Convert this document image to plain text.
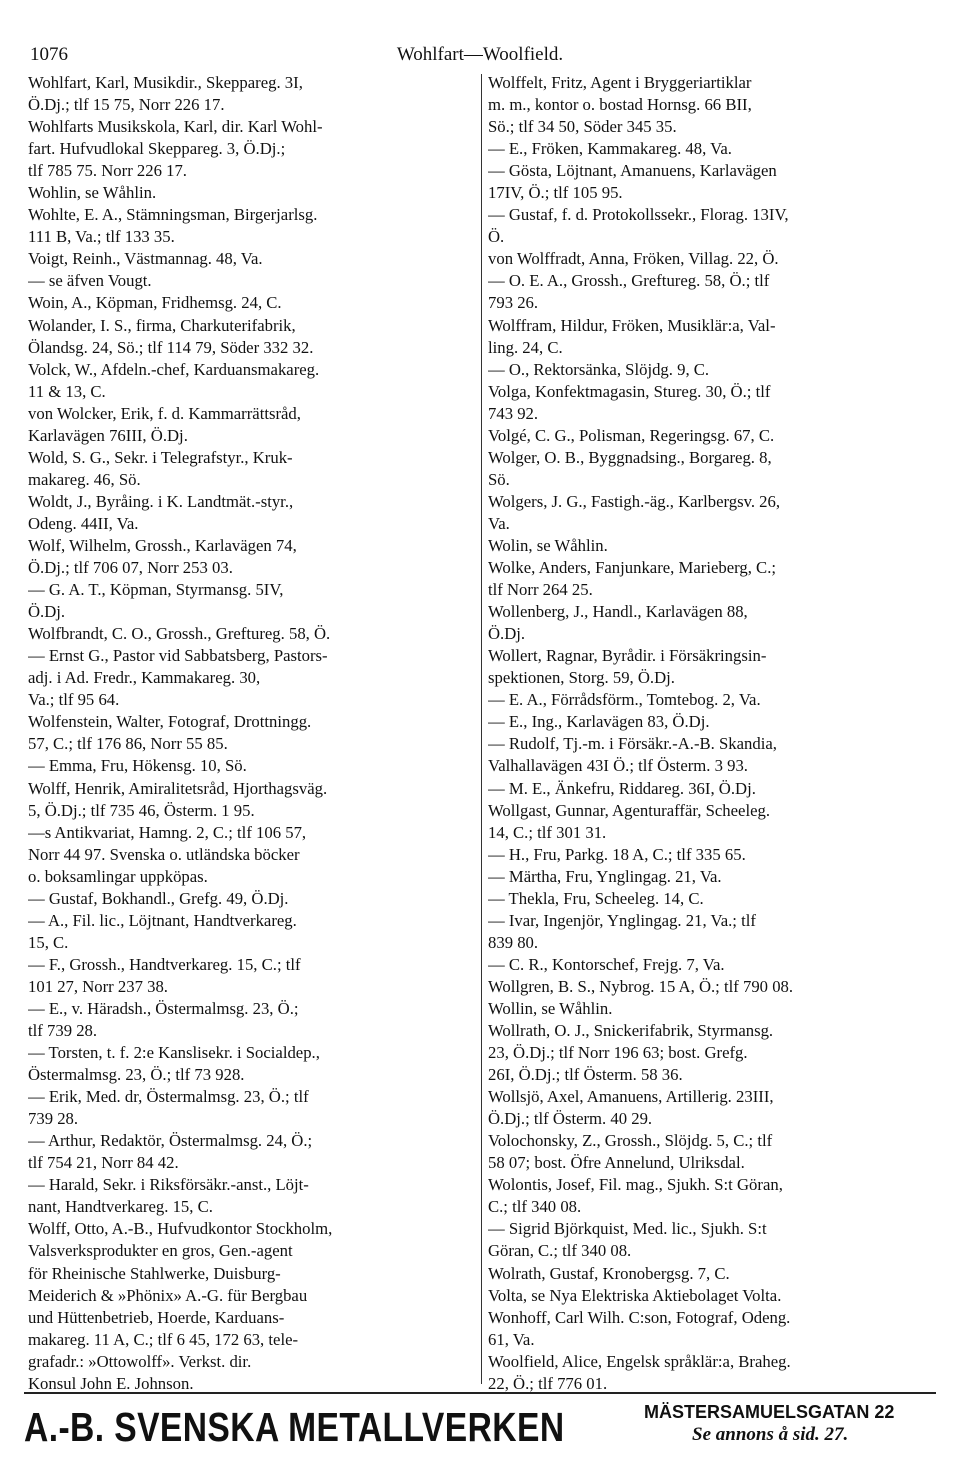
1076	Wohlfart—Woolfield.
Wohlfart, Karl, Musikdir., Skeppareg. 3I,
Ö.Dj.; tlf 15 75, Norr 226 17.
Wohlfarts Musikskola, Karl, dir. Karl Wohl-
fart. Hufvudlokal Skeppareg. 3, Ö.Dj.;
tlf 785 75. Norr 226 17.
Wohlin, se Wåhlin.
Wohlte, E. A., Stämningsman, Birgerjarlsg.
111 B, Va.; tlf 133 35.
Voigt, Reinh., Västmannag. 48, Va.
— se äfven Vougt.
Woin, A., Köpman, Fridhemsg. 24, C.
Wolander, I. S., firma, Charkuterifabrik,
Ölandsg. 24, Sö.; tlf 114 79, Söder 332 32.
Volck, W., Afdeln.-chef, Karduansmakareg.
11 & 13, C.
von Wolcker, Erik, f. d. Kammarrättsråd,
Karlavägen 76III, Ö.Dj.
Wold, S. G., Sekr. i Telegrafstyr., Kruk-
makareg. 46, Sö.
Woldt, J., Byråing. i K. Landtmät.-styr.,
Odeng. 44II, Va.
Wolf, Wilhelm, Grossh., Karlavägen 74,
Ö.Dj.; tlf 706 07, Norr 253 03.
— G. A. T., Köpman, Styrmansg. 5IV,
Ö.Dj.
Wolfbrandt, C. O., Grossh., Greftureg. 58, Ö.
— Ernst G., Pastor vid Sabbatsberg, Pastors-
adj. i Ad. Fredr., Kammakareg. 30,
Va.; tlf 95 64.
Wolfenstein, Walter, Fotograf, Drottningg.
57, C.; tlf 176 86, Norr 55 85.
— Emma, Fru, Hökensg. 10, Sö.
Wolff, Henrik, Amiralitetsråd, Hjorthagsväg.
5, Ö.Dj.; tlf 735 46, Österm. 1 95.
—s Antikvariat, Hamng. 2, C.; tlf 106 57,
Norr 44 97. Svenska o. utländska böcker
o. boksamlingar uppköpas.
— Gustaf, Bokhandl., Grefg. 49, Ö.Dj.
— A., Fil. lic., Löjtnant, Handtverkareg.
15, C.
— F., Grossh., Handtverkareg. 15, C.; tlf
101 27, Norr 237 38.
— E., v. Häradsh., Östermalmsg. 23, Ö.;
tlf 739 28.
— Torsten, t. f. 2:e Kanslisekr. i Socialdep.,
Östermalmsg. 23, Ö.; tlf 73 928.
— Erik, Med. dr, Östermalmsg. 23, Ö.; tlf
739 28.
— Arthur, Redaktör, Östermalmsg. 24, Ö.;
tlf 754 21, Norr 84 42.
— Harald, Sekr. i Riksförsäkr.-anst., Löjt-
nant, Handtverkareg. 15, C.
Wolff, Otto, A.-B., Hufvudkontor Stockholm,
Valsverksprodukter en gros, Gen.-agent
för Rheinische Stahlwerke, Duisburg-
Meiderich & »Phönix» A.-G. für Bergbau
und Hüttenbetrieb, Hoerde, Karduans-
makareg. 11 A, C.; tlf 6 45, 172 63, tele-
grafadr.: »Ottowolff». Verkst. dir.
Konsul John E. Johnson.
Wolffelt, Fritz, Agent i Bryggeriartiklar
m. m., kontor o. bostad Hornsg. 66 BII,
Sö.; tlf 34 50, Söder 345 35.
— E., Fröken, Kammakareg. 48, Va.
— Gösta, Löjtnant, Amanuens, Karlavägen
17IV, Ö.; tlf 105 95.
— Gustaf, f. d. Protokollssekr., Florag. 13IV,
Ö.
von Wolffradt, Anna, Fröken, Villag. 22, Ö.
— O. E. A., Grossh., Greftureg. 58, Ö.; tlf
793 26.
Wolffram, Hildur, Fröken, Musiklär:a, Val-
ling. 24, C.
— O., Rektorsänka, Slöjdg. 9, C.
Volga, Konfektmagasin, Stureg. 30, Ö.; tlf
743 92.
Volgé, C. G., Polisman, Regeringsg. 67, C.
Wolger, O. B., Byggnadsing., Borgareg. 8,
Sö.
Wolgers, J. G., Fastigh.-äg., Karlbergsv. 26,
Va.
Wolin, se Wåhlin.
Wolke, Anders, Fanjunkare, Marieberg, C.;
tlf Norr 264 25.
Wollenberg, J., Handl., Karlavägen 88,
Ö.Dj.
Wollert, Ragnar, Byrådir. i Försäkringsin-
spektionen, Storg. 59, Ö.Dj.
— E. A., Förrådsförm., Tomtebog. 2, Va.
— E., Ing., Karlavägen 83, Ö.Dj.
— Rudolf, Tj.-m. i Försäkr.-A.-B. Skandia,
Valhallavägen 43I Ö.; tlf Österm. 3 93.
— M. E., Änkefru, Riddareg. 36I, Ö.Dj.
Wollgast, Gunnar, Agenturaffär, Scheeleg.
14, C.; tlf 301 31.
— H., Fru, Parkg. 18 A, C.; tlf 335 65.
— Märtha, Fru, Ynglingag. 21, Va.
— Thekla, Fru, Scheeleg. 14, C.
— Ivar, Ingenjör, Ynglingag. 21, Va.; tlf
839 80.
— C. R., Kontorschef, Frejg. 7, Va.
Wollgren, B. S., Nybrog. 15 A, Ö.; tlf 790 08.
Wollin, se Wåhlin.
Wollrath, O. J., Snickerifabrik, Styrmansg.
23, Ö.Dj.; tlf Norr 196 63; bost. Grefg.
26I, Ö.Dj.; tlf Österm. 58 36.
Wollsjö, Axel, Amanuens, Artillerig. 23III,
Ö.Dj.; tlf Österm. 40 29.
Volochonsky, Z., Grossh., Slöjdg. 5, C.; tlf
58 07; bost. Öfre Annelund, Ulriksdal.
Wolontis, Josef, Fil. mag., Sjukh. S:t Göran,
C.; tlf 340 08.
— Sigrid Björkquist, Med. lic., Sjukh. S:t
Göran, C.; tlf 340 08.
Wolrath, Gustaf, Kronobergsg. 7, C.
Volta, se Nya Elektriska Aktiebolaget Volta.
Wonhoff, Carl Wilh. C:son, Fotograf, Odeng.
61, Va.
Woolfield, Alice, Engelsk språklär:a, Braheg.
22, Ö.; tlf 776 01.
A.-B. SVENSKA METALLVERKEN	MÄSTERSAMUELSGATAN 22
Se annons å sid. 27.
